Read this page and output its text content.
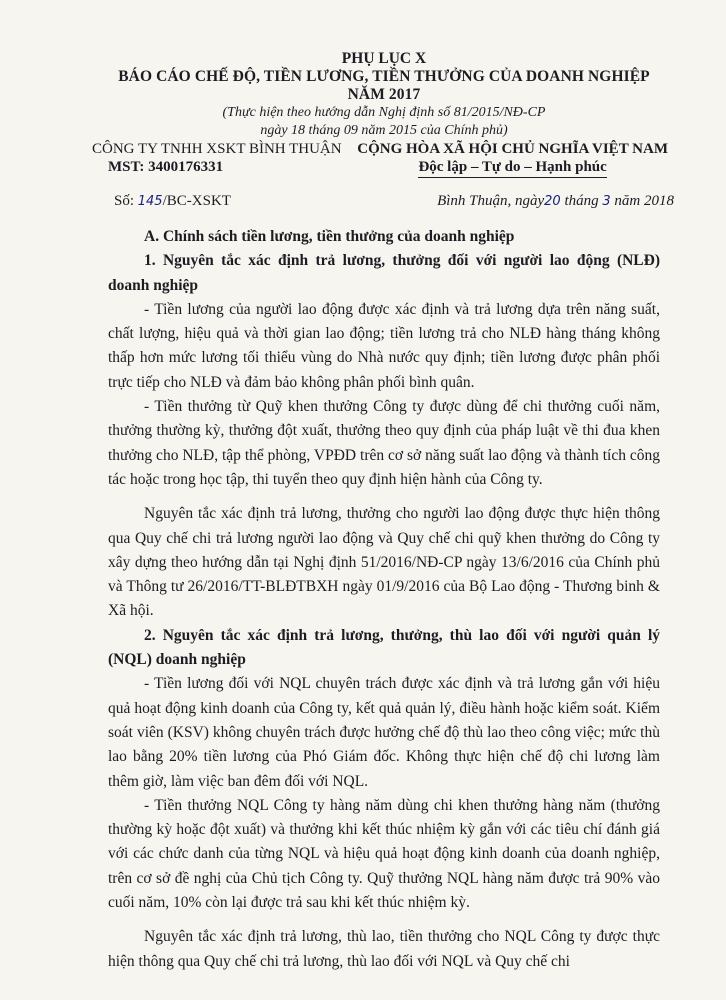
PHỤ LỤC X
BÁO CÁO CHẾ ĐỘ, TIỀN LƯƠNG, TIỀN THƯỞNG CỦA DOANH NGHIỆP
NĂM 2017
(Thực hiện theo hướng dẫn Nghị định số 81/2015/NĐ-CP
ngày 18 tháng 09 năm 2015 của Chính phủ)
CÔNG TY TNHH XSKT BÌNH THUẬN
MST: 3400176331
CỘNG HÒA XÃ HỘI CHỦ NGHĨA VIỆT NAM
Độc lập – Tự do – Hạnh phúc
Số: 145/BC-XSKT	Bình Thuận, ngày20 tháng 3 năm 2018

A. Chính sách tiền lương, tiền thưởng của doanh nghiệp

1. Nguyên tắc xác định trả lương, thưởng đối với người lao động (NLĐ) doanh nghiệp

- Tiền lương của người lao động được xác định và trả lương dựa trên năng suất, chất lượng, hiệu quả và thời gian lao động; tiền lương trả cho NLĐ hàng tháng không thấp hơn mức lương tối thiểu vùng do Nhà nước quy định; tiền lương được phân phối trực tiếp cho NLĐ và đảm bảo không phân phối bình quân.

- Tiền thưởng từ Quỹ khen thưởng Công ty được dùng để chi thưởng cuối năm, thưởng thường kỳ, thưởng đột xuất, thưởng theo quy định của pháp luật về thi đua khen thưởng cho NLĐ, tập thể phòng, VPĐD trên cơ sở năng suất lao động và thành tích công tác hoặc trong học tập, thi tuyển theo quy định hiện hành của Công ty.

Nguyên tắc xác định trả lương, thưởng cho người lao động được thực hiện thông qua Quy chế chi trả lương người lao động và Quy chế chi quỹ khen thưởng do Công ty xây dựng theo hướng dẫn tại Nghị định 51/2016/NĐ-CP ngày 13/6/2016 của Chính phủ và Thông tư 26/2016/TT-BLĐTBXH ngày 01/9/2016 của Bộ Lao động - Thương binh & Xã hội.

2. Nguyên tắc xác định trả lương, thưởng, thù lao đối với người quản lý (NQL) doanh nghiệp

- Tiền lương đối với NQL chuyên trách được xác định và trả lương gắn với hiệu quả hoạt động kinh doanh của Công ty, kết quả quản lý, điều hành hoặc kiểm soát. Kiểm soát viên (KSV) không chuyên trách được hưởng chế độ thù lao theo công việc; mức thù lao bằng 20% tiền lương của Phó Giám đốc. Không thực hiện chế độ chi lương làm thêm giờ, làm việc ban đêm đối với NQL.

- Tiền thưởng NQL Công ty hàng năm dùng chi khen thưởng hàng năm (thưởng thường kỳ hoặc đột xuất) và thưởng khi kết thúc nhiệm kỳ gắn với các tiêu chí đánh giá với các chức danh của từng NQL và hiệu quả hoạt động kinh doanh của doanh nghiệp, trên cơ sở đề nghị của Chủ tịch Công ty. Quỹ thưởng NQL hàng năm được trả 90% vào cuối năm, 10% còn lại được trả sau khi kết thúc nhiệm kỳ.

Nguyên tắc xác định trả lương, thù lao, tiền thưởng cho NQL Công ty được thực hiện thông qua Quy chế chi trả lương, thù lao đối với NQL và Quy chế chi
